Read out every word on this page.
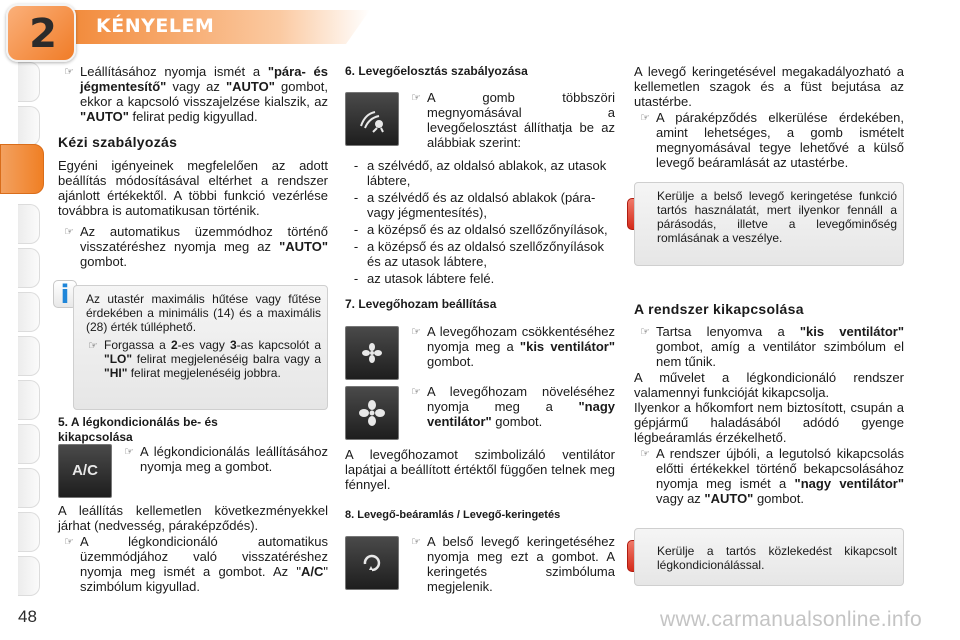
2	KÉNYELEM
☞ Leállításához nyomja ismét a "pára- és jégmentesítő" vagy az "AUTO" gombot, ekkor a kapcsoló visszajelzése kialszik, az "AUTO" felirat pedig kigyullad.
Kézi szabályozás
Egyéni igényeinek megfelelően az adott beállítás módosításával eltérhet a rendszer ajánlott értékektől. A többi funkció vezérlése továbbra is automatikusan történik.
☞ Az automatikus üzemmódhoz történő visszatéréshez nyomja meg az "AUTO" gombot.
i	Az utastér maximális hűtése vagy fűtése érdekében a minimális (14) és a maximális (28) érték túlléphető.

☞ Forgassa a 2-es vagy 3-as kapcsolót a "LO" felirat megjelenéséig balra vagy a "HI" felirat megjelenéséig jobbra.
5. A légkondicionálás be- és kikapcsolása
A/C
☞ A légkondicionálás leállításához nyomja meg a gombot.
A leállítás kellemetlen következményekkel járhat (nedvesség, páraképződés).
☞ A légkondicionáló automatikus üzemmódjához való visszatéréshez nyomja meg ismét a gombot. Az "A/C" szimbólum kigyullad.
6. Levegőelosztás szabályozása
☞ A gomb többszöri megnyomásával a levegőelosztást állíthatja be az alábbiak szerint:
- a szélvédő, az oldalsó ablakok, az utasok lábtere,
- a szélvédő és az oldalsó ablakok (pára- vagy jégmentesítés),
- a középső és az oldalsó szellőzőnyílások,
- a középső és az oldalsó szellőzőnyílások és az utasok lábtere,
- az utasok lábtere felé.
7. Levegőhozam beállítása
☞ A levegőhozam csökkentéséhez nyomja meg a "kis ventilátor" gombot.
☞ A levegőhozam növeléséhez nyomja meg a "nagy ventilátor" gombot.
A levegőhozamot szimbolizáló ventilátor lapátjai a beállított értéktől függően telnek meg fénnyel.
8. Levegő-beáramlás / Levegő-keringetés
☞ A belső levegő keringetéséhez nyomja meg ezt a gombot. A keringetés szimbóluma megjelenik.
A levegő keringetésével megakadályozható a kellemetlen szagok és a füst bejutása az utastérbe.
☞ A páraképződés elkerülése érdekében, amint lehetséges, a gomb ismételt megnyomásával tegye lehetővé a külső levegő beáramlását az utastérbe.

Kerülje a belső levegő keringetése funkció tartós használatát, mert ilyenkor fennáll a párásodás, illetve a levegőminőség romlásának a veszélye.

A rendszer kikapcsolása
☞ Tartsa lenyomva a "kis ventilátor" gombot, amíg a ventilátor szimbólum el nem tűnik.
A művelet a légkondicionáló rendszer valamennyi funkcióját kikapcsolja.
Ilyenkor a hőkomfort nem biztosított, csupán a gépjármű haladásából adódó gyenge légbeáramlás érzékelhető.
☞ A rendszer újbóli, a legutolsó kikapcsolás előtti értékekkel történő bekapcsolásához nyomja meg ismét a "nagy ventilátor" vagy az "AUTO" gombot.

Kerülje a tartós közlekedést kikapcsolt légkondicionálással.

48	www.carmanualsonline.info
